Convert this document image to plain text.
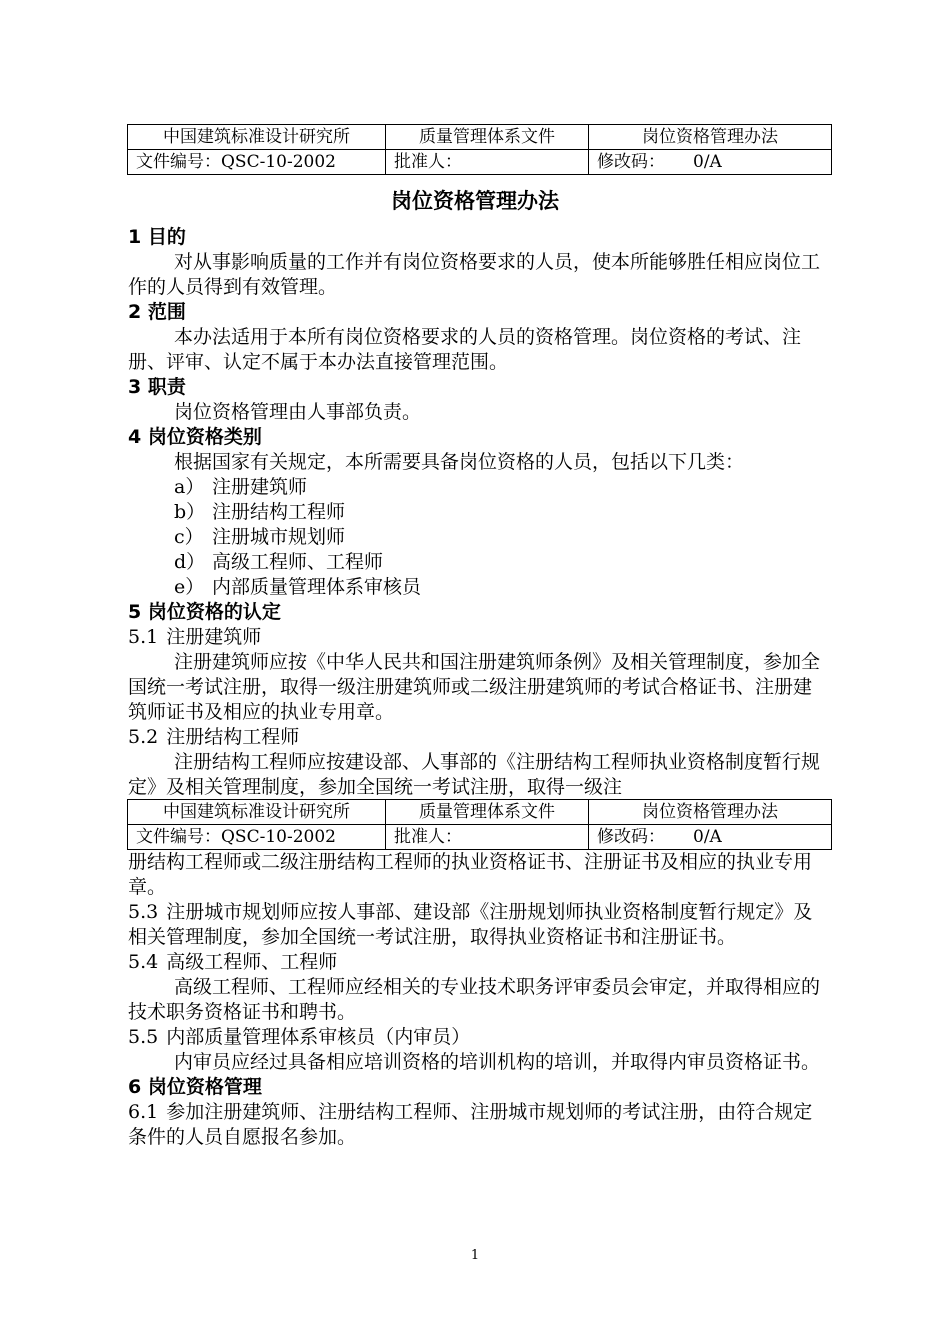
中国建筑标准设计研究所	质量管理体系文件	岗位资格管理办法
文件编号：QSC-10-2002	批准人：	修改码： 0/A
岗位资格管理办法
1 目的

对从事影响质量的工作并有岗位资格要求的人员，使本所能够胜任相应岗位工作的人员得到有效管理。

2 范围

本办法适用于本所有岗位资格要求的人员的资格管理。岗位资格的考试、注册、评审、认定不属于本办法直接管理范围。

3 职责

岗位资格管理由人事部负责。

4 岗位资格类别

根据国家有关规定，本所需要具备岗位资格的人员，包括以下几类：

a） 注册建筑师

b） 注册结构工程师

c） 注册城市规划师

d） 高级工程师、工程师

e） 内部质量管理体系审核员

5 岗位资格的认定

5.1 注册建筑师

注册建筑师应按《中华人民共和国注册建筑师条例》及相关管理制度，参加全国统一考试注册，取得一级注册建筑师或二级注册建筑师的考试合格证书、注册建筑师证书及相应的执业专用章。

5.2 注册结构工程师

注册结构工程师应按建设部、人事部的《注册结构工程师执业资格制度暂行规定》及相关管理制度，参加全国统一考试注册，取得一级注

中国建筑标准设计研究所	质量管理体系文件	岗位资格管理办法
文件编号：QSC-10-2002	批准人：	修改码： 0/A

册结构工程师或二级注册结构工程师的执业资格证书、注册证书及相应的执业专用章。

5.3 注册城市规划师应按人事部、建设部《注册规划师执业资格制度暂行规定》及相关管理制度，参加全国统一考试注册，取得执业资格证书和注册证书。

5.4 高级工程师、工程师

高级工程师、工程师应经相关的专业技术职务评审委员会审定，并取得相应的技术职务资格证书和聘书。

5.5 内部质量管理体系审核员（内审员）

内审员应经过具备相应培训资格的培训机构的培训，并取得内审员资格证书。

6 岗位资格管理

6.1 参加注册建筑师、注册结构工程师、注册城市规划师的考试注册，由符合规定条件的人员自愿报名参加。

1
